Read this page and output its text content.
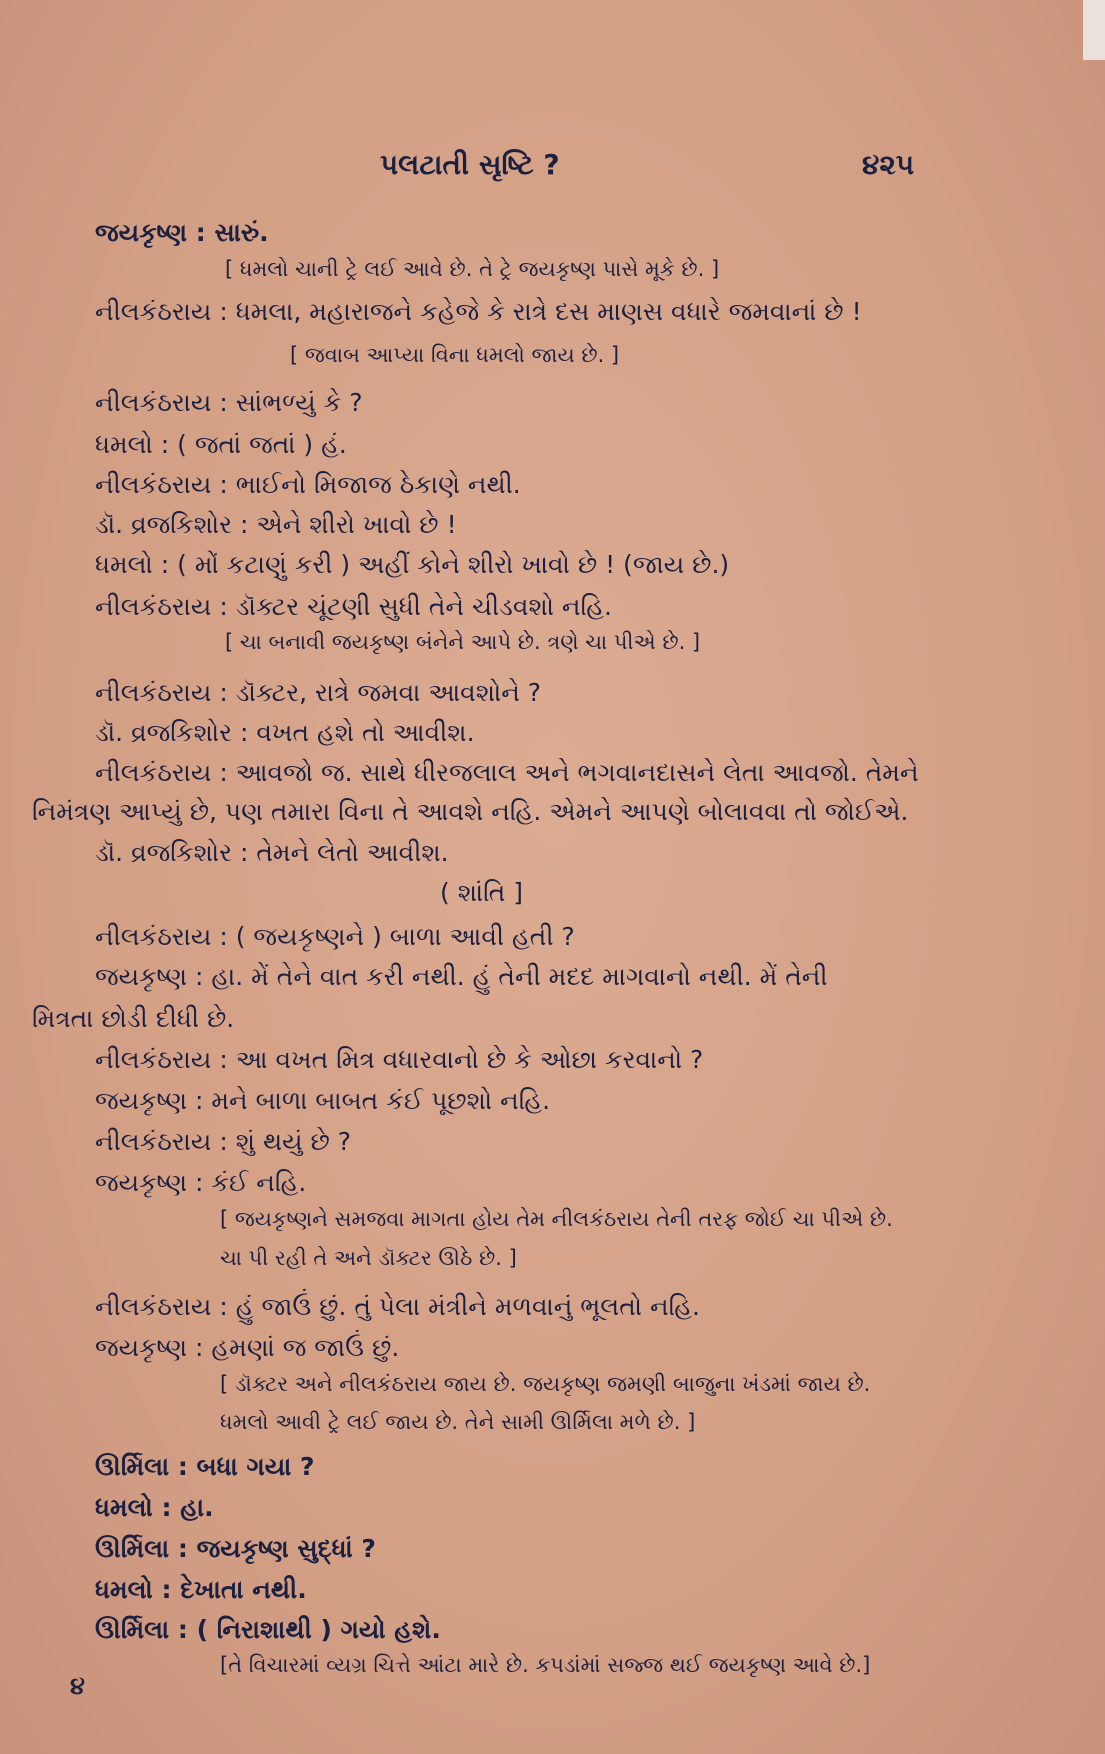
પલટાતી સૃષ્ટિ ?	૪૨૫
જયકૃષ્ણ : સારું.
[ ધમલો ચાની ટ્રે લઈ આવે છે. તે ટ્રે જયકૃષ્ણ પાસે મૂકે છે. ]
નીલકંઠરાય : ધમલા, મહારાજને કહેજે કે રાત્રે દસ માણસ વધારે જમવાનાં છે !
[ જવાબ આપ્યા વિના ધમલો જાય છે. ]
નીલકંઠરાય : સાંભળ્યું કે ?
ધમલો : ( જતાં જતાં ) હં.
નીલકંઠરાય : ભાઈનો મિજાજ ઠેકાણે નથી.
ડૉ. વ્રજકિશોર : એને શીરો ખાવો છે !
ધમલો : ( મોં કટાણું કરી ) અહીં કોને શીરો ખાવો છે ! (જાય છે.)
નીલકંઠરાય : ડૉક્ટર ચૂંટણી સુધી તેને ચીડવશો નહિ.
[ ચા બનાવી જયકૃષ્ણ બંનેને આપે છે. ત્રણે ચા પીએ છે. ]
નીલકંઠરાય : ડૉક્ટર, રાત્રે જમવા આવશોને ?
ડૉ. વ્રજકિશોર : વખત હશે તો આવીશ.
નીલકંઠરાય : આવજો જ. સાથે ધીરજલાલ અને ભગવાનદાસને લેતા આવજો. તેમને
નિમંત્રણ આપ્યું છે, પણ તમારા વિના તે આવશે નહિ. એમને આપણે બોલાવવા તો જોઈએ.
ડૉ. વ્રજકિશોર : તેમને લેતો આવીશ.
( શાંતિ ]
નીલકંઠરાય : ( જયકૃષ્ણને ) બાળા આવી હતી ?
જયકૃષ્ણ : હા. મેં તેને વાત કરી નથી. હું તેની મદદ માગવાનો નથી. મેં તેની
મિત્રતા છોડી દીધી છે.
નીલકંઠરાય : આ વખત મિત્ર વધારવાનો છે કે ઓછા કરવાનો ?
જયકૃષ્ણ : મને બાળા બાબત કંઈ પૂછશો નહિ.
નીલકંઠરાય : શું થયું છે ?
જયકૃષ્ણ : કંઈ નહિ.
[ જયકૃષ્ણને સમજવા માગતા હોય તેમ નીલકંઠરાય તેની તરફ જોઈ ચા પીએ છે.
ચા પી રહી તે અને ડૉક્ટર ઊઠે છે. ]
નીલકંઠરાય : હું જાઉં છું. તું પેલા મંત્રીને મળવાનું ભૂલતો નહિ.
જયકૃષ્ણ : હમણાં જ જાઉં છું.
[ ડૉક્ટર અને નીલકંઠરાય જાય છે. જયકૃષ્ણ જમણી બાજુના ખંડમાં જાય છે.
ધમલો આવી ટ્રે લઈ જાય છે. તેને સામી ઊર્મિલા મળે છે. ]
ઊર્મિલા : બધા ગયા ?
ધમલો : હા.
ઊર્મિલા : જયકૃષ્ણ સુદ્ધાં ?
ધમલો : દેખાતા નથી.
ઊર્મિલા : ( નિરાશાથી ) ગયો હશે.
[તે વિચારમાં વ્યગ્ર ચિત્તે આંટા મારે છે. કપડાંમાં સજ્જ થઈ જયકૃષ્ણ આવે છે.]
૪
